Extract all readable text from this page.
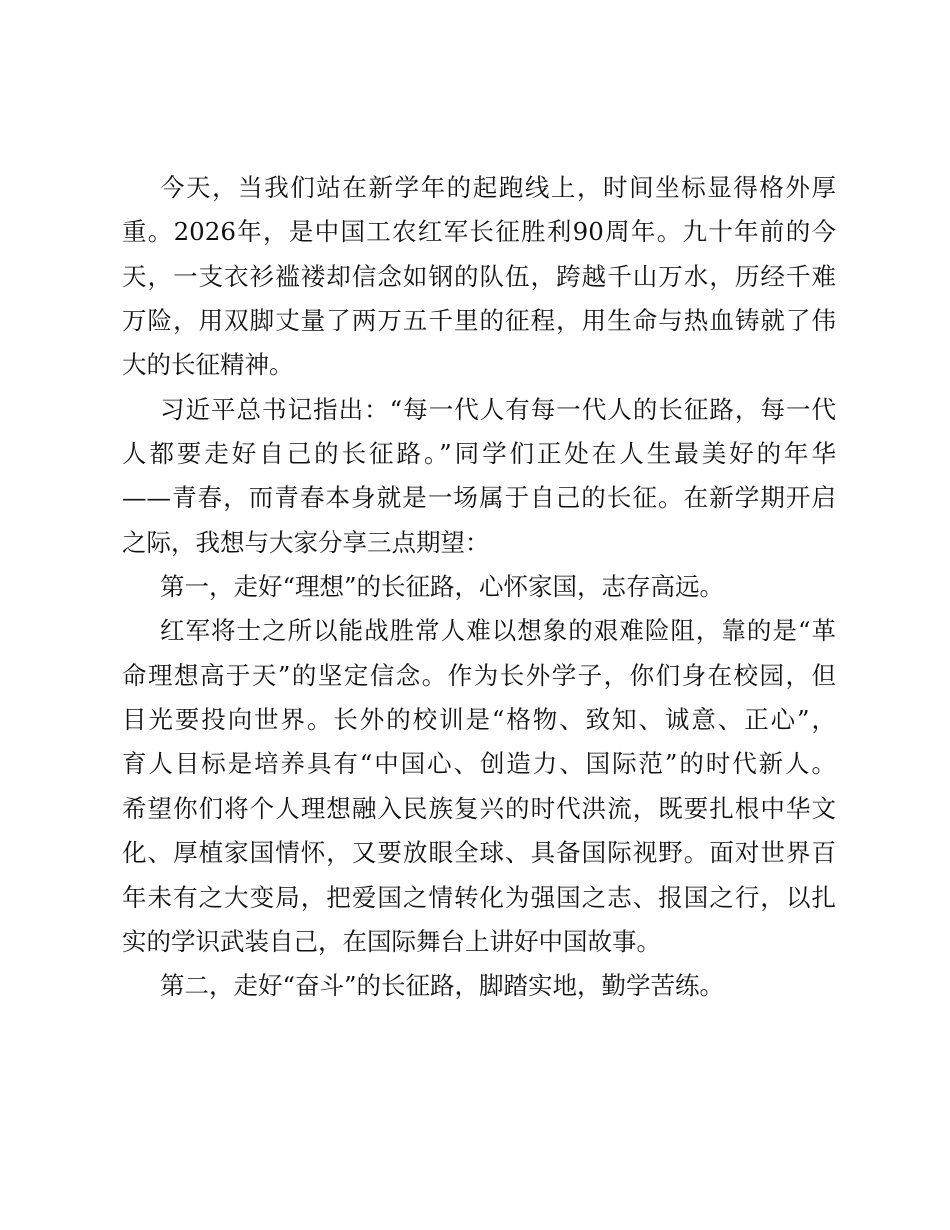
今天，当我们站在新学年的起跑线上，时间坐标显得格外厚
重。2026年，是中国工农红军长征胜利90周年。九十年前的今
天，一支衣衫褴褛却信念如钢的队伍，跨越千山万水，历经千难
万险，用双脚丈量了两万五千里的征程，用生命与热血铸就了伟
大的长征精神。
习近平总书记指出：“每一代人有每一代人的长征路，每一代
人都要走好自己的长征路。”同学们正处在人生最美好的年华
——青春，而青春本身就是一场属于自己的长征。在新学期开启
之际，我想与大家分享三点期望：
第一，走好“理想”的长征路，心怀家国，志存高远。
红军将士之所以能战胜常人难以想象的艰难险阻，靠的是“革
命理想高于天”的坚定信念。作为长外学子，你们身在校园，但
目光要投向世界。长外的校训是“格物、致知、诚意、正心”，
育人目标是培养具有“中国心、创造力、国际范”的时代新人。
希望你们将个人理想融入民族复兴的时代洪流，既要扎根中华文
化、厚植家国情怀，又要放眼全球、具备国际视野。面对世界百
年未有之大变局，把爱国之情转化为强国之志、报国之行，以扎
实的学识武装自己，在国际舞台上讲好中国故事。
第二，走好“奋斗”的长征路，脚踏实地，勤学苦练。
